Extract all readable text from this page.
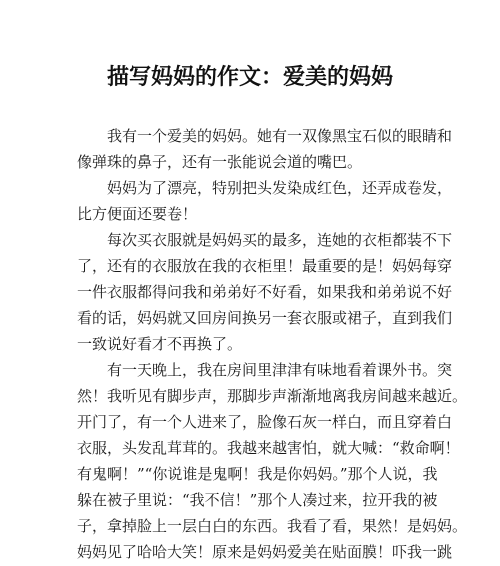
描写妈妈的作文：爱美的妈妈
我有一个爱美的妈妈。她有一双像黑宝石似的眼睛和
像弹珠的鼻子，还有一张能说会道的嘴巴。
妈妈为了漂亮，特别把头发染成红色，还弄成卷发，
比方便面还要卷！
每次买衣服就是妈妈买的最多，连她的衣柜都装不下
了，还有的衣服放在我的衣柜里！最重要的是！妈妈每穿
一件衣服都得问我和弟弟好不好看，如果我和弟弟说不好
看的话，妈妈就又回房间换另一套衣服或裙子，直到我们
一致说好看才不再换了。
有一天晚上，我在房间里津津有味地看着课外书。突
然！我听见有脚步声，那脚步声渐渐地离我房间越来越近。
开门了，有一个人进来了，脸像石灰一样白，而且穿着白
衣服，头发乱茸茸的。我越来越害怕，就大喊：“救命啊！
有鬼啊！”“你说谁是鬼啊！我是你妈妈。”那个人说，我
躲在被子里说：“我不信！”那个人凑过来，拉开我的被
子，拿掉脸上一层白白的东西。我看了看，果然！是妈妈。
妈妈见了哈哈大笑！原来是妈妈爱美在贴面膜！吓我一跳
